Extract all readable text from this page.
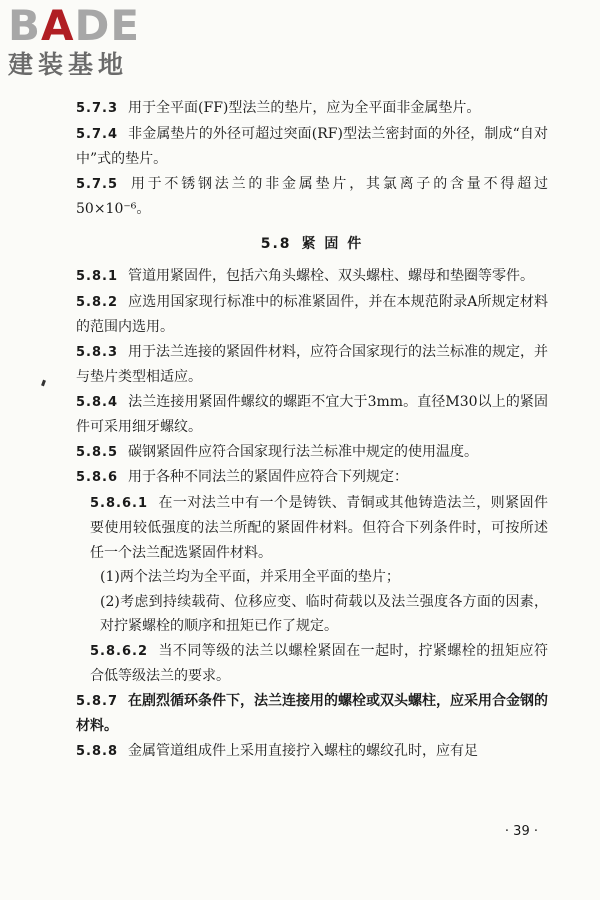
BADE
建装基地

5.7.3 用于全平面(FF)型法兰的垫片，应为全平面非金属垫片。

5.7.4 非金属垫片的外径可超过突面(RF)型法兰密封面的外径，制成“自对中”式的垫片。

5.7.5 用于不锈钢法兰的非金属垫片，其氯离子的含量不得超过50×10⁻⁶。

5.8 紧 固 件

5.8.1 管道用紧固件，包括六角头螺栓、双头螺柱、螺母和垫圈等零件。

5.8.2 应选用国家现行标准中的标准紧固件，并在本规范附录A所规定材料的范围内选用。

5.8.3 用于法兰连接的紧固件材料，应符合国家现行的法兰标准的规定，并与垫片类型相适应。

5.8.4 法兰连接用紧固件螺纹的螺距不宜大于3mm。直径M30以上的紧固件可采用细牙螺纹。

5.8.5 碳钢紧固件应符合国家现行法兰标准中规定的使用温度。

5.8.6 用于各种不同法兰的紧固件应符合下列规定：

5.8.6.1 在一对法兰中有一个是铸铁、青铜或其他铸造法兰，则紧固件要使用较低强度的法兰所配的紧固件材料。但符合下列条件时，可按所述任一个法兰配选紧固件材料。

(1)两个法兰均为全平面，并采用全平面的垫片；

(2)考虑到持续载荷、位移应变、临时荷载以及法兰强度各方面的因素，对拧紧螺栓的顺序和扭矩已作了规定。

5.8.6.2 当不同等级的法兰以螺栓紧固在一起时，拧紧螺栓的扭矩应符合低等级法兰的要求。

5.8.7 在剧烈循环条件下，法兰连接用的螺栓或双头螺柱，应采用合金钢的材料。

5.8.8 金属管道组成件上采用直接拧入螺柱的螺纹孔时，应有足

· 39 ·
